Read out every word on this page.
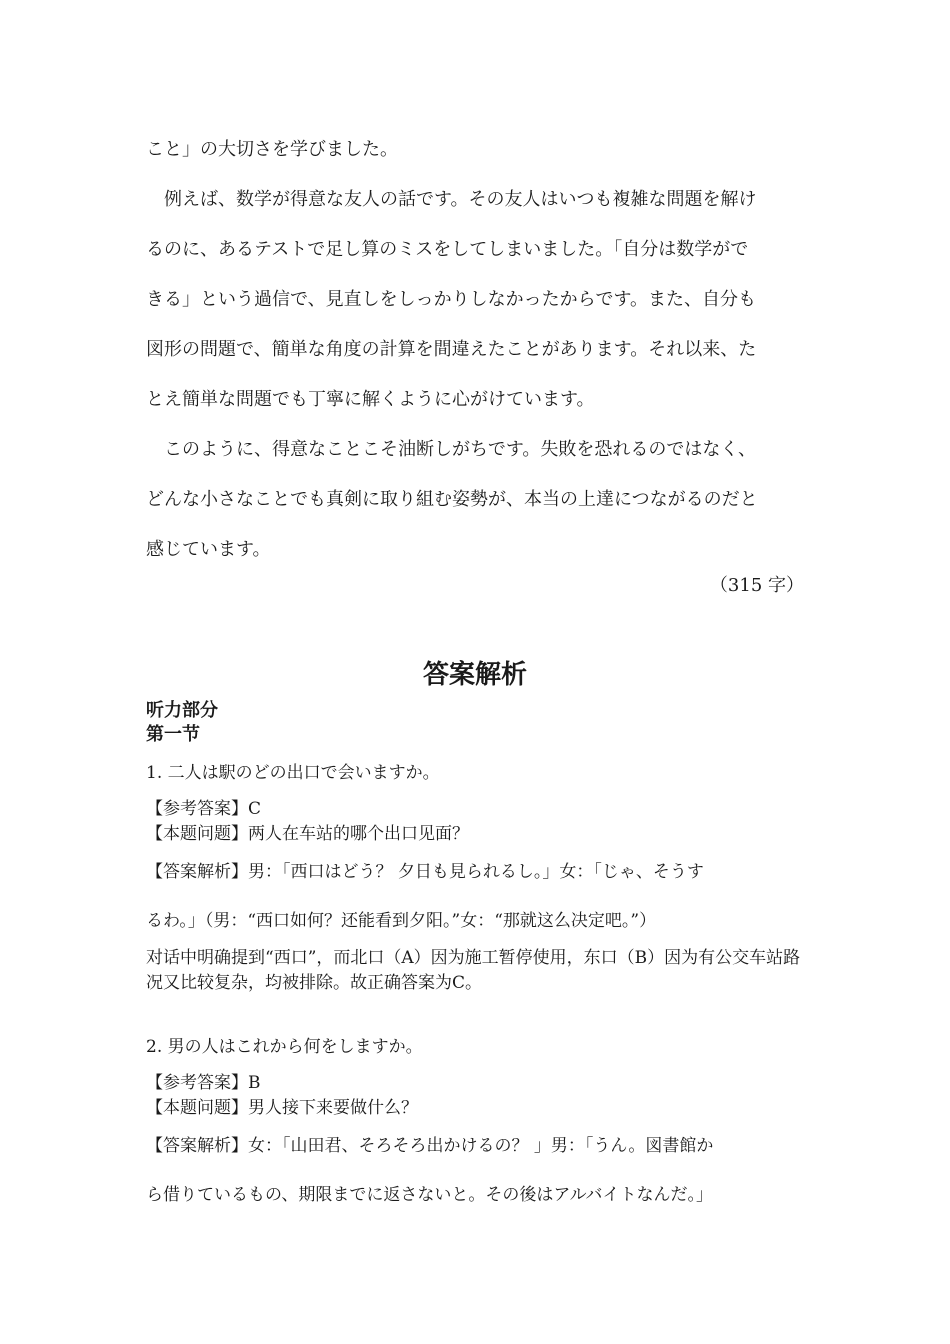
こと」の大切さを学びました。
　例えば、数学が得意な友人の話です。その友人はいつも複雑な問題を解け
るのに、あるテストで足し算のミスをしてしまいました。「自分は数学がで
きる」という過信で、見直しをしっかりしなかったからです。また、自分も
図形の問題で、簡単な角度の計算を間違えたことがあります。それ以来、た
とえ簡単な問題でも丁寧に解くように心がけています。
　このように、得意なことこそ油断しがちです。失敗を恐れるのではなく、
どんな小さなことでも真剣に取り組む姿勢が、本当の上達につながるのだと
感じています。
（315 字）
答案解析
听力部分
第一节
1. 二人は駅のどの出口で会いますか。
【参考答案】C
【本题问题】两人在车站的哪个出口见面？
【答案解析】男：「西口はどう？ 夕日も見られるし。」女：「じゃ、そうす
るわ。」（男：“西口如何？还能看到夕阳。”女：“那就这么决定吧。”）
对话中明确提到“西口”，而北口（A）因为施工暂停使用，东口（B）因为有公交车站路况又比较复杂，均被排除。故正确答案为C。
2. 男の人はこれから何をしますか。
【参考答案】B
【本题问题】男人接下来要做什么？
【答案解析】女：「山田君、そろそろ出かけるの？ 」男：「うん。図書館か
ら借りているもの、期限までに返さないと。その後はアルバイトなんだ。」
